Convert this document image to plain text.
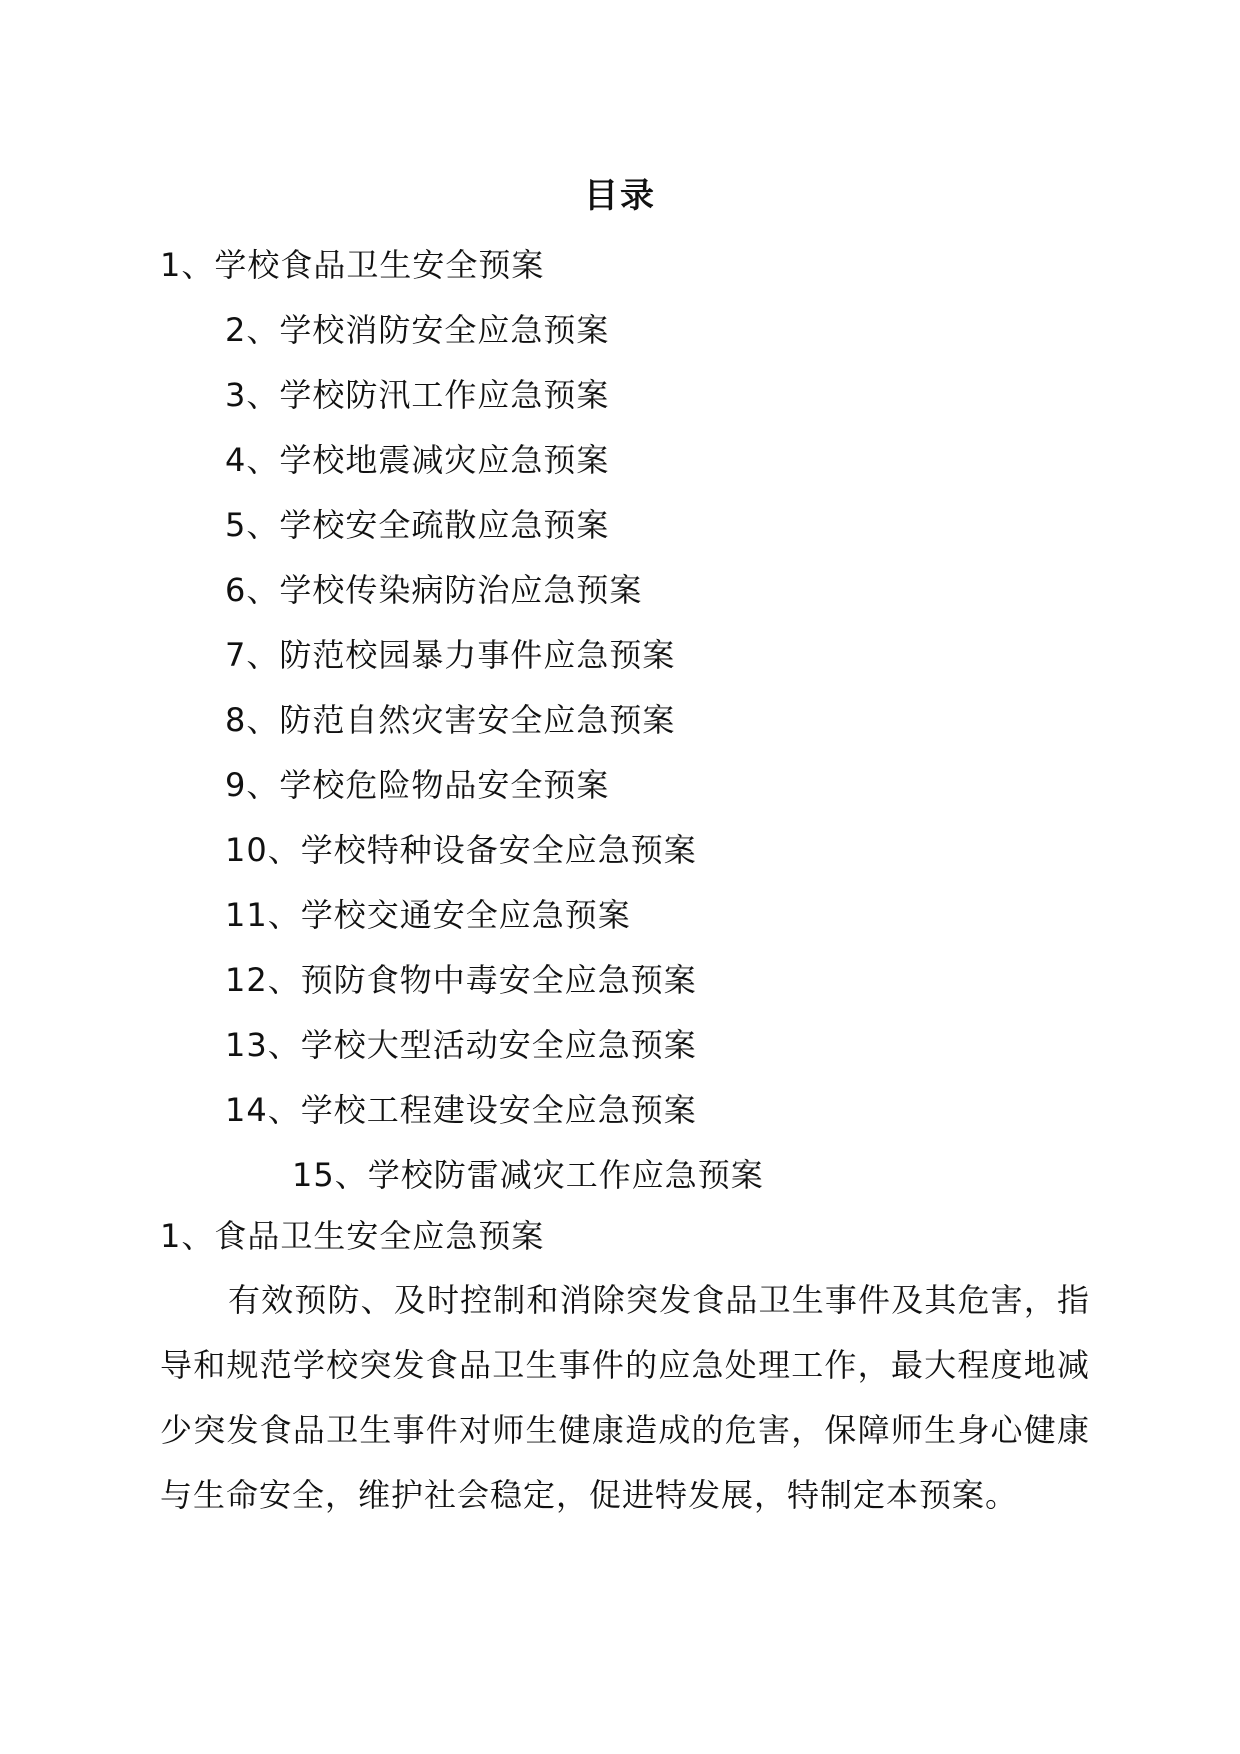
目录
1、学校食品卫生安全预案
2、学校消防安全应急预案
3、学校防汛工作应急预案
4、学校地震减灾应急预案
5、学校安全疏散应急预案
6、学校传染病防治应急预案
7、防范校园暴力事件应急预案
8、防范自然灾害安全应急预案
9、学校危险物品安全预案
10、学校特种设备安全应急预案
11、学校交通安全应急预案
12、预防食物中毒安全应急预案
13、学校大型活动安全应急预案
14、学校工程建设安全应急预案
15、学校防雷减灾工作应急预案
1、食品卫生安全应急预案

有效预防、及时控制和消除突发食品卫生事件及其危害，指导和规范学校突发食品卫生事件的应急处理工作，最大程度地减少突发食品卫生事件对师生健康造成的危害，保障师生身心健康与生命安全，维护社会稳定，促进特发展，特制定本预案。
